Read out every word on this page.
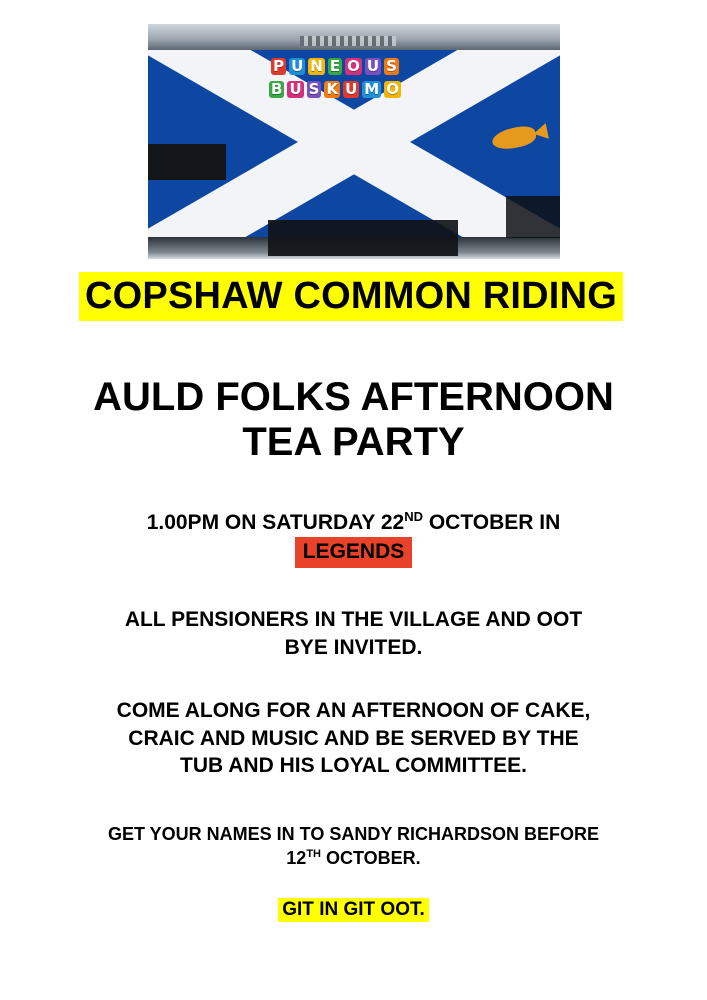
P U N E O U S
B U S K U M O
COPSHAW COMMON RIDING
AULD FOLKS AFTERNOON
TEA PARTY
1.00PM ON SATURDAY 22ND OCTOBER IN
LEGENDS
ALL PENSIONERS IN THE VILLAGE AND OOT
BYE INVITED.
COME ALONG FOR AN AFTERNOON OF CAKE,
CRAIC AND MUSIC AND BE SERVED BY THE
TUB AND HIS LOYAL COMMITTEE.
GET YOUR NAMES IN TO SANDY RICHARDSON BEFORE
12TH OCTOBER.
GIT IN GIT OOT.
